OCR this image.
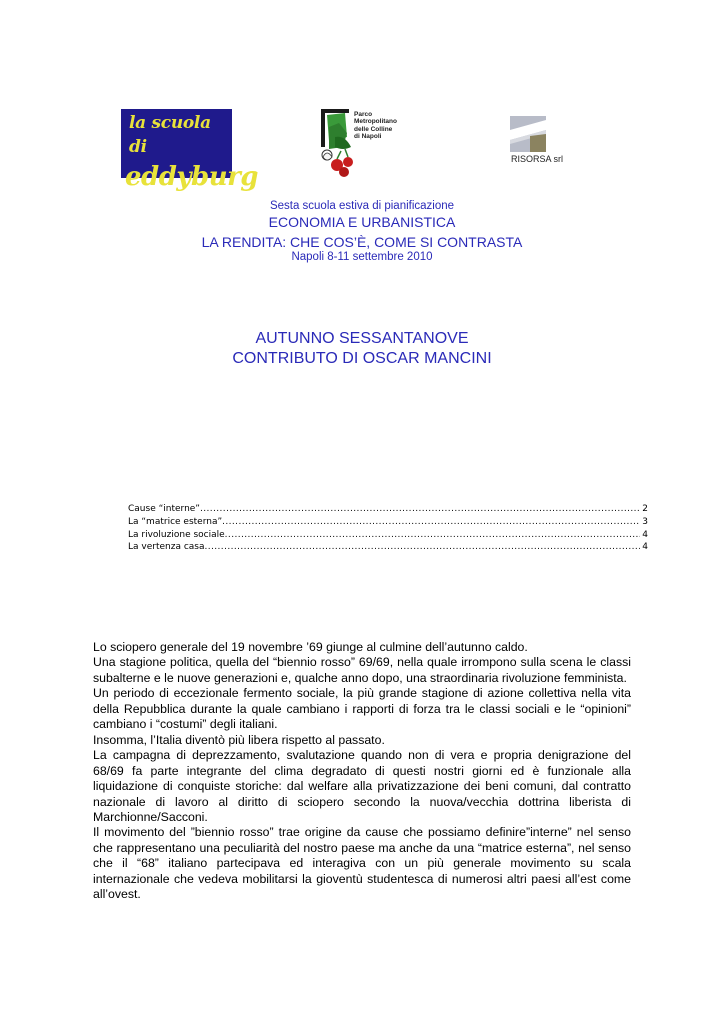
la scuola di
eddyburg
Parco
Metropolitano
delle Colline
di Napoli
RISORSA srl
Sesta scuola estiva di pianificazione
ECONOMIA E URBANISTICA
LA RENDITA: CHE COS’È, COME SI CONTRASTA
Napoli 8-11 settembre 2010
AUTUNNO SESSANTANOVE
CONTRIBUTO DI OSCAR MANCINI
Cause “interne” .....	2
La “matrice esterna” .....	3
La rivoluzione sociale .....	4
La vertenza casa .....	4

Lo sciopero generale del 19 novembre ’69 giunge al culmine dell’autunno caldo.

Una stagione politica, quella del “biennio rosso” 69/69, nella quale irrompono sulla scena le classi subalterne e le nuove generazioni e, qualche anno dopo, una straordinaria rivoluzione femminista.

Un periodo di eccezionale fermento sociale, la più grande stagione di azione collettiva nella vita della Repubblica durante la quale cambiano i rapporti di forza tra le classi sociali e le “opinioni” cambiano i “costumi” degli italiani.

Insomma, l’Italia diventò più libera rispetto al passato.

La campagna di deprezzamento, svalutazione quando non di vera e propria denigrazione del 68/69 fa parte integrante del clima degradato di questi nostri giorni ed è funzionale alla liquidazione di conquiste storiche: dal welfare alla privatizzazione dei beni comuni, dal contratto nazionale di lavoro al diritto di sciopero secondo la nuova/vecchia dottrina liberista di Marchionne/Sacconi.

Il movimento del ”biennio rosso” trae origine da cause che possiamo definire”interne” nel senso che rappresentano una peculiarità del nostro paese ma anche da una “matrice esterna”, nel senso che il “68” italiano partecipava ed interagiva con un più generale movimento su scala internazionale che vedeva mobilitarsi la gioventù studentesca di numerosi altri paesi all’est come all’ovest.
